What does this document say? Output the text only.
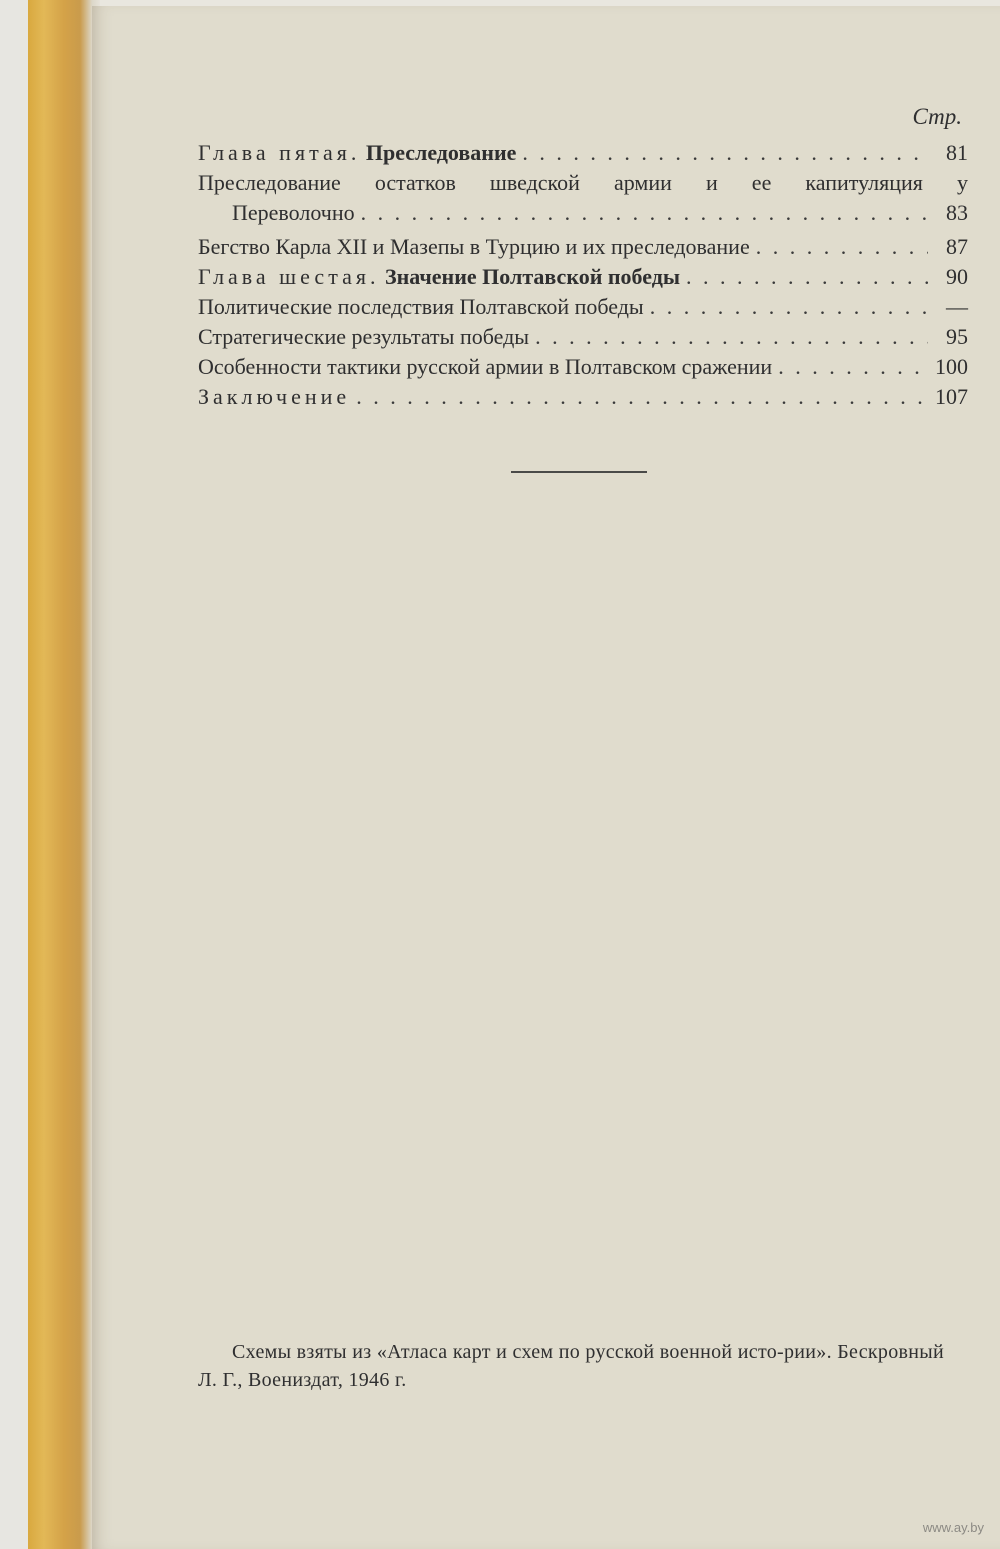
Стр.
Глава пятая. Преследование . . .	81
Преследование остатков шведской армии и ее капитуляция у
Переволочно . . .	83
Бегство Карла XII и Мазепы в Турцию и их преследование . . .	87
Глава шестая. Значение Полтавской победы . . .	90
Политические последствия Полтавской победы . . .	—
Стратегические результаты победы . . .	95
Особенности тактики русской армии в Полтавском сражении . . .	100
Заключение . . .	107

Схемы взяты из «Атласа карт и схем по русской военной исто-рии». Бескровный Л. Г., Воениздат, 1946 г.

www.ay.by
